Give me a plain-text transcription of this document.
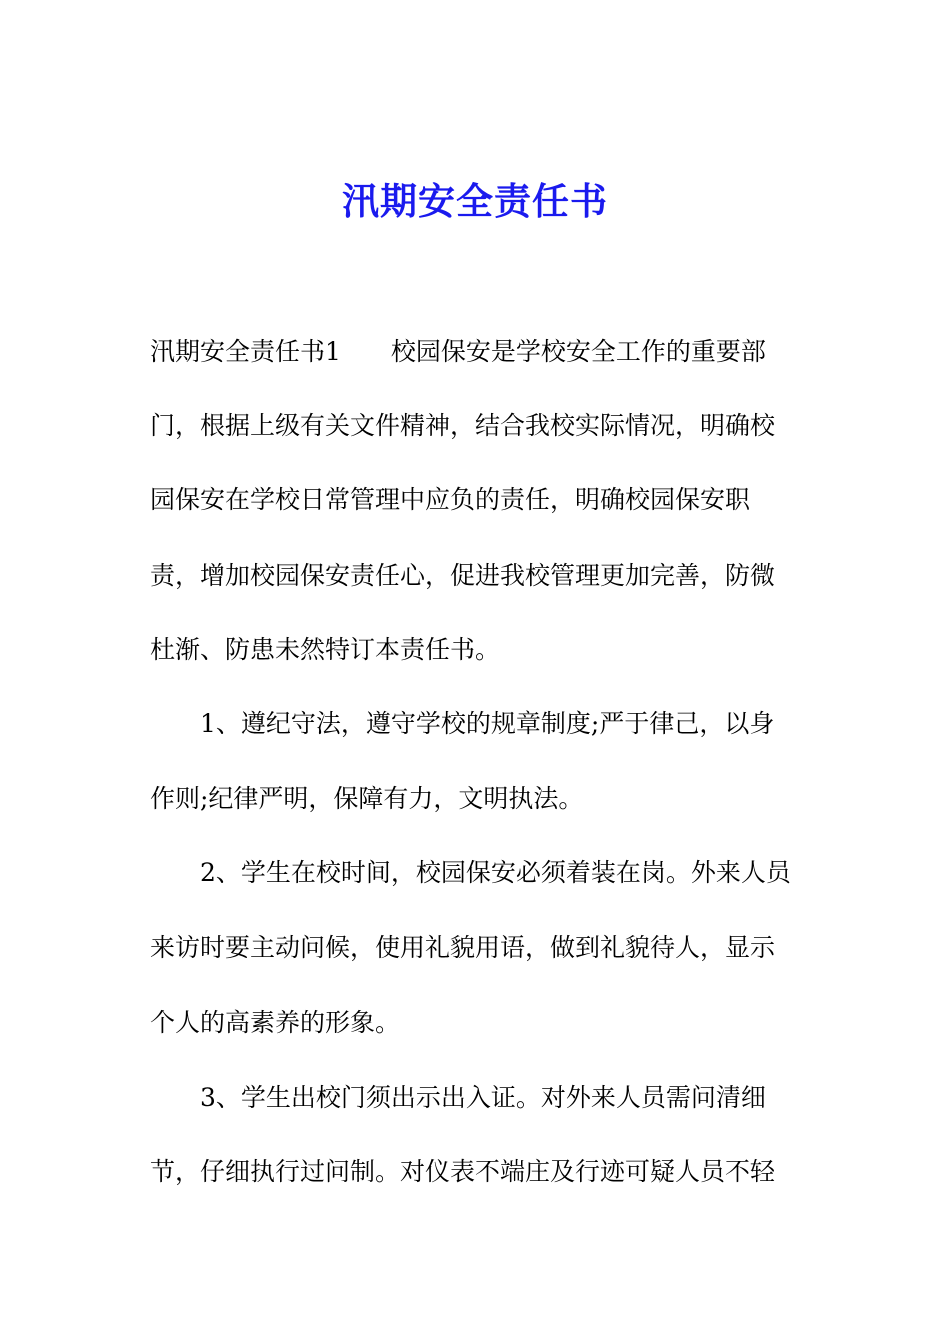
汛期安全责任书
汛期安全责任书1　　校园保安是学校安全工作的重要部
门，根据上级有关文件精神，结合我校实际情况，明确校
园保安在学校日常管理中应负的责任，明确校园保安职
责，增加校园保安责任心，促进我校管理更加完善，防微
杜渐、防患未然特订本责任书。
1、遵纪守法，遵守学校的规章制度;严于律己，以身
作则;纪律严明，保障有力，文明执法。
2、学生在校时间，校园保安必须着装在岗。外来人员
来访时要主动问候，使用礼貌用语，做到礼貌待人，显示
个人的高素养的形象。
3、学生出校门须出示出入证。对外来人员需问清细
节，仔细执行过问制。对仪表不端庄及行迹可疑人员不轻
